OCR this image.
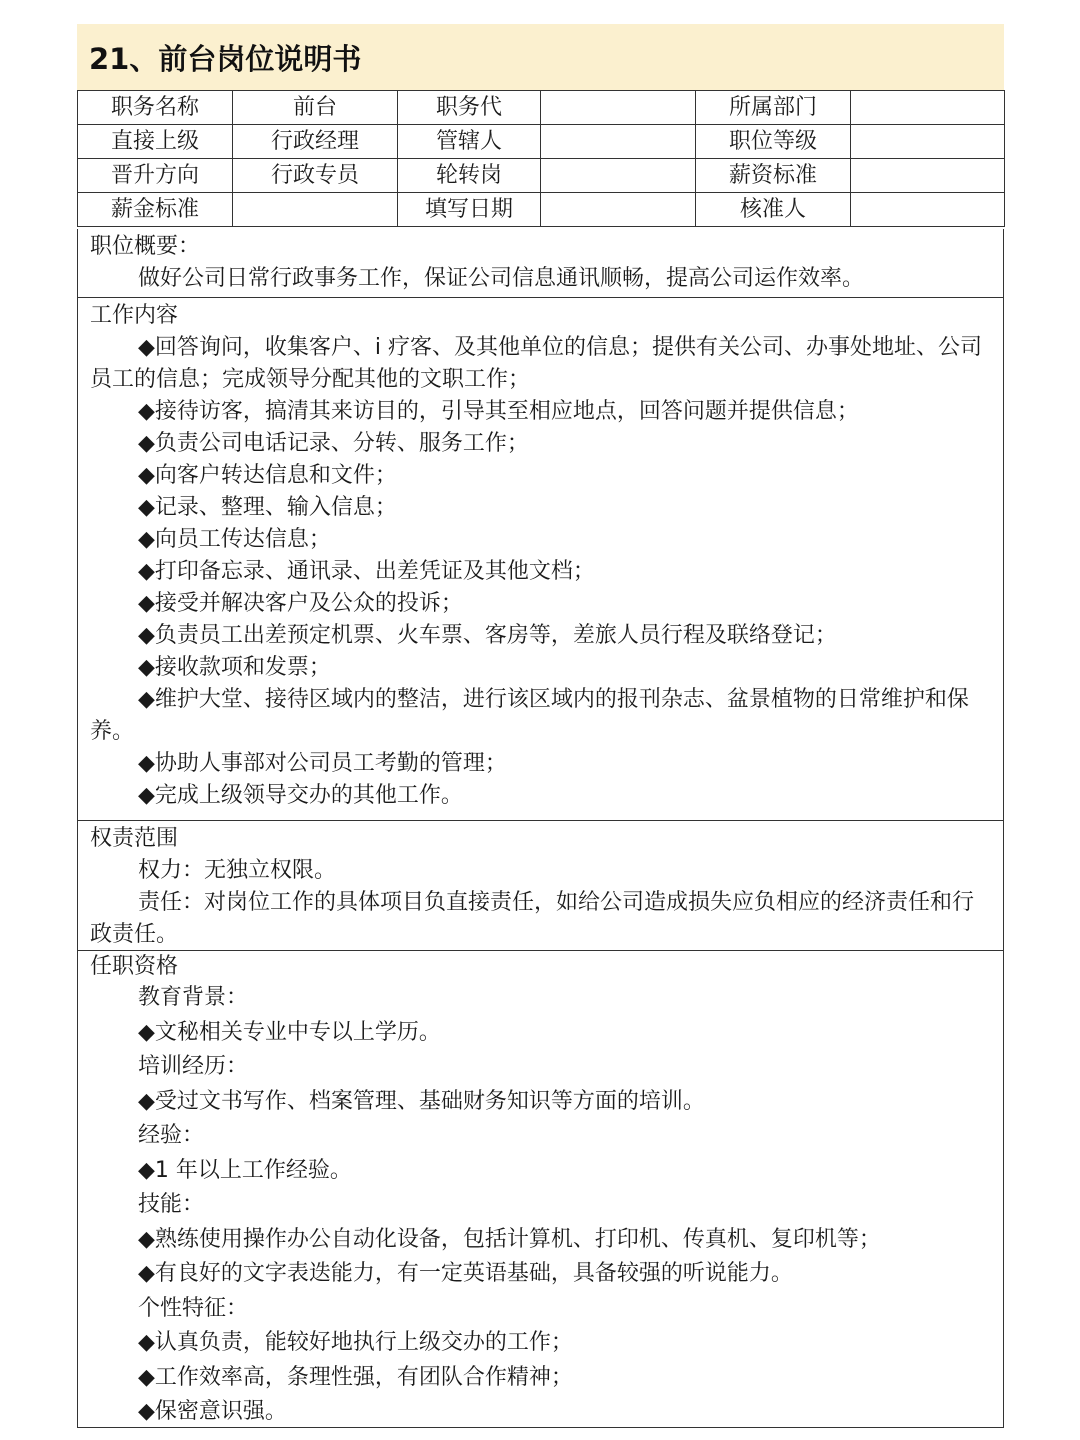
21、前台岗位说明书
职务名称	前台	职务代		所属部门	
直接上级	行政经理	管辖人		职位等级	
晋升方向	行政专员	轮转岗		薪资标准	
薪金标准		填写日期		核准人	

职位概要：

做好公司日常行政事务工作，保证公司信息通讯顺畅，提高公司运作效率。

工作内容

◆回答询问，收集客户、i 疗客、及其他单位的信息；提供有关公司、办事处地址、公司员工的信息；完成领导分配其他的文职工作；

◆接待访客，搞清其来访目的，引导其至相应地点，回答问题并提供信息；

◆负责公司电话记录、分转、服务工作；

◆向客户转达信息和文件；

◆记录、整理、输入信息；

◆向员工传达信息；

◆打印备忘录、通讯录、出差凭证及其他文档；

◆接受并解决客户及公众的投诉；

◆负责员工出差预定机票、火车票、客房等，差旅人员行程及联络登记；

◆接收款项和发票；

◆维护大堂、接待区域内的整洁，进行该区域内的报刊杂志、盆景植物的日常维护和保养。

◆协助人事部对公司员工考勤的管理；

◆完成上级领导交办的其他工作。

权责范围

权力：无独立权限。

责任：对岗位工作的具体项目负直接责任，如给公司造成损失应负相应的经济责任和行政责任。

任职资格

教育背景：

◆文秘相关专业中专以上学历。

培训经历：

◆受过文书写作、档案管理、基础财务知识等方面的培训。

经验：

◆1 年以上工作经验。

技能：

◆熟练使用操作办公自动化设备，包括计算机、打印机、传真机、复印机等；

◆有良好的文字表迭能力，有一定英语基础，具备较强的听说能力。

个性特征：

◆认真负责，能较好地执行上级交办的工作；

◆工作效率高，条理性强，有团队合作精神；

◆保密意识强。
